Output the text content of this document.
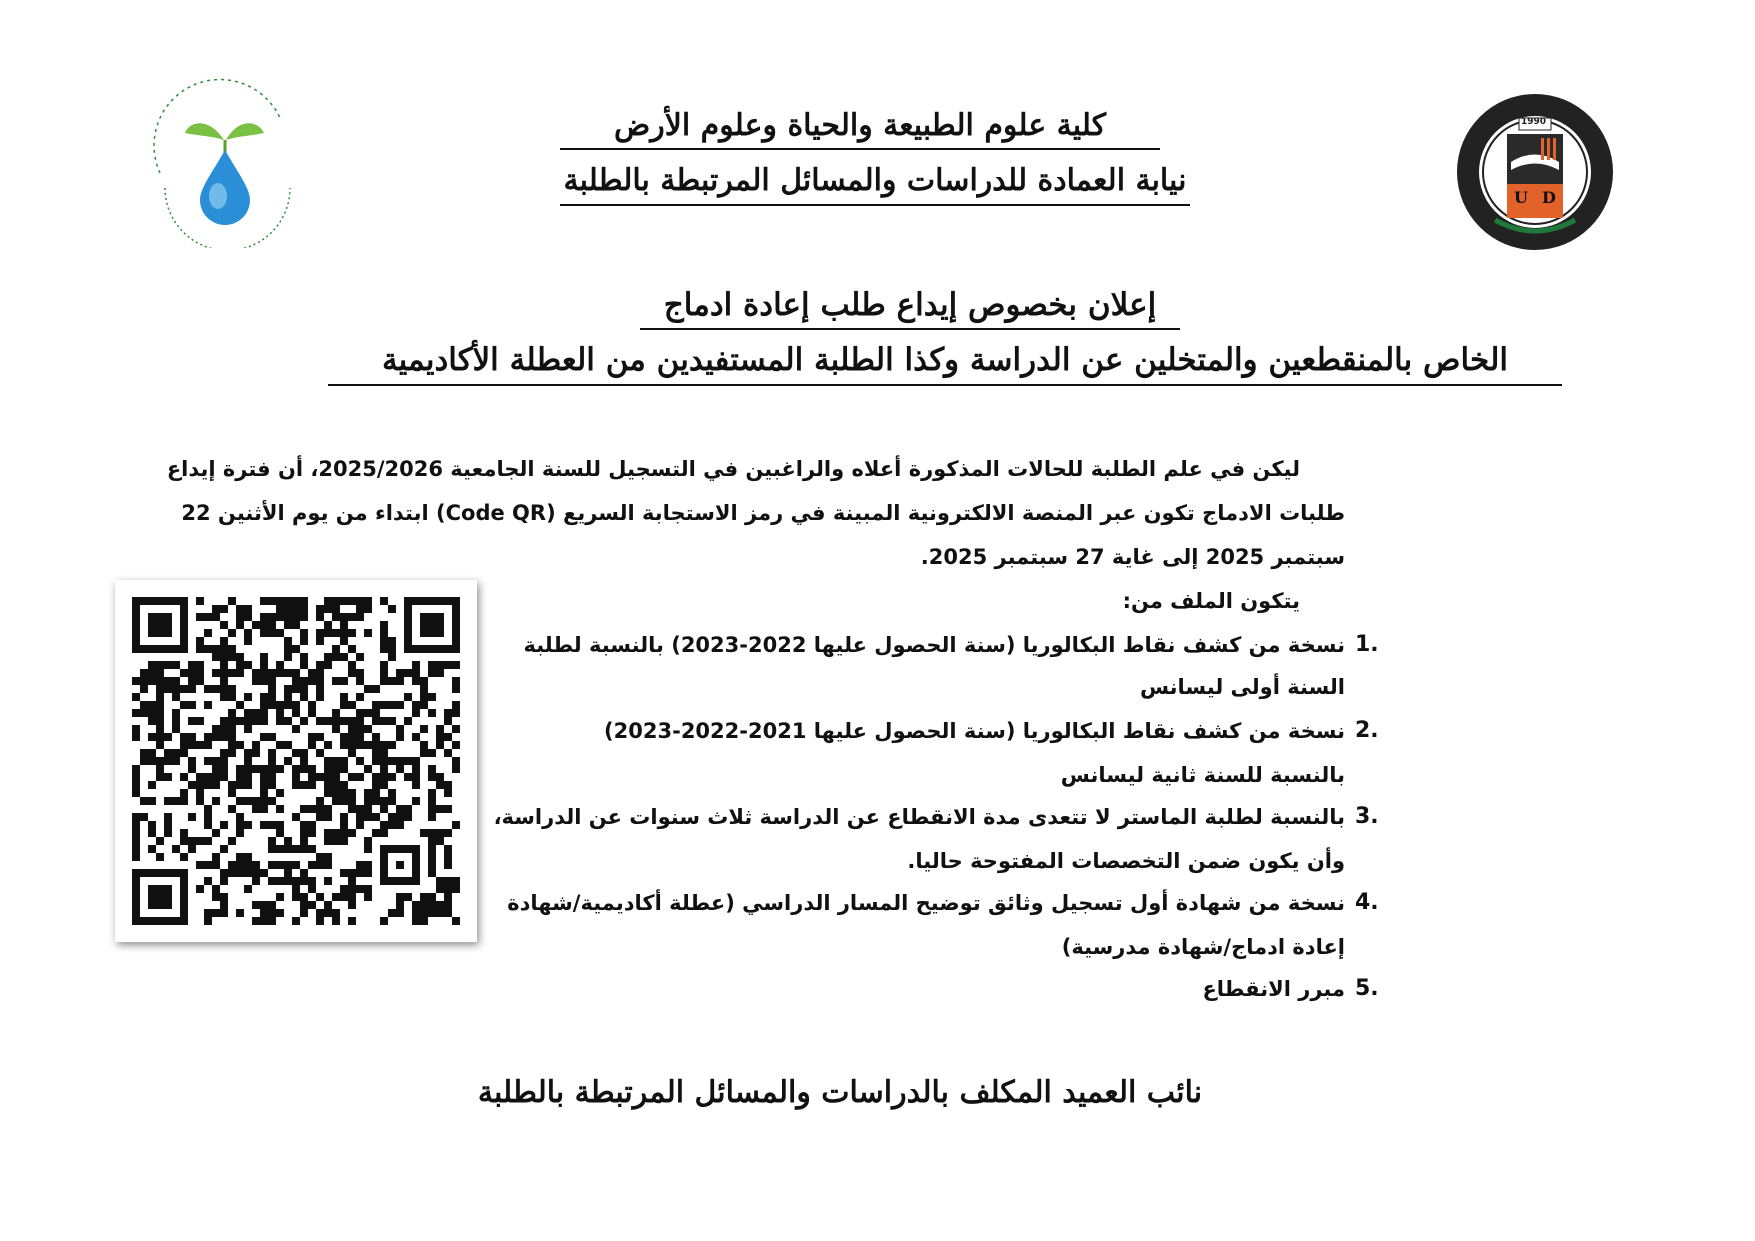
1990
U D
كلية علوم الطبيعة والحياة وعلوم الأرض
نيابة العمادة للدراسات والمسائل المرتبطة بالطلبة
إعلان بخصوص إيداع طلب إعادة ادماج
الخاص بالمنقطعين والمتخلين عن الدراسة وكذا الطلبة المستفيدين من العطلة الأكاديمية
ليكن في علم الطلبة للحالات المذكورة أعلاه والراغبين في التسجيل للسنة الجامعية 2025/2026، أن فترة إيداع
طلبات الادماج تكون عبر المنصة الالكترونية المبينة في رمز الاستجابة السريع (Code QR) ابتداء من يوم الأثنين 22
سبتمبر 2025 إلى غاية 27 سبتمبر 2025.
يتكون الملف من:
1.
نسخة من كشف نقاط البكالوريا (سنة الحصول عليها 2022-2023) بالنسبة لطلبة
السنة أولى ليسانس
2.
نسخة من كشف نقاط البكالوريا (سنة الحصول عليها 2021-2022-2023)
بالنسبة للسنة ثانية ليسانس
3.
بالنسبة لطلبة الماستر لا تتعدى مدة الانقطاع عن الدراسة ثلاث سنوات عن الدراسة،
وأن يكون ضمن التخصصات المفتوحة حاليا.
4.
نسخة من شهادة أول تسجيل وثائق توضيح المسار الدراسي (عطلة أكاديمية/شهادة
إعادة ادماج/شهادة مدرسية)
5.
مبرر الانقطاع
نائب العميد المكلف بالدراسات والمسائل المرتبطة بالطلبة
